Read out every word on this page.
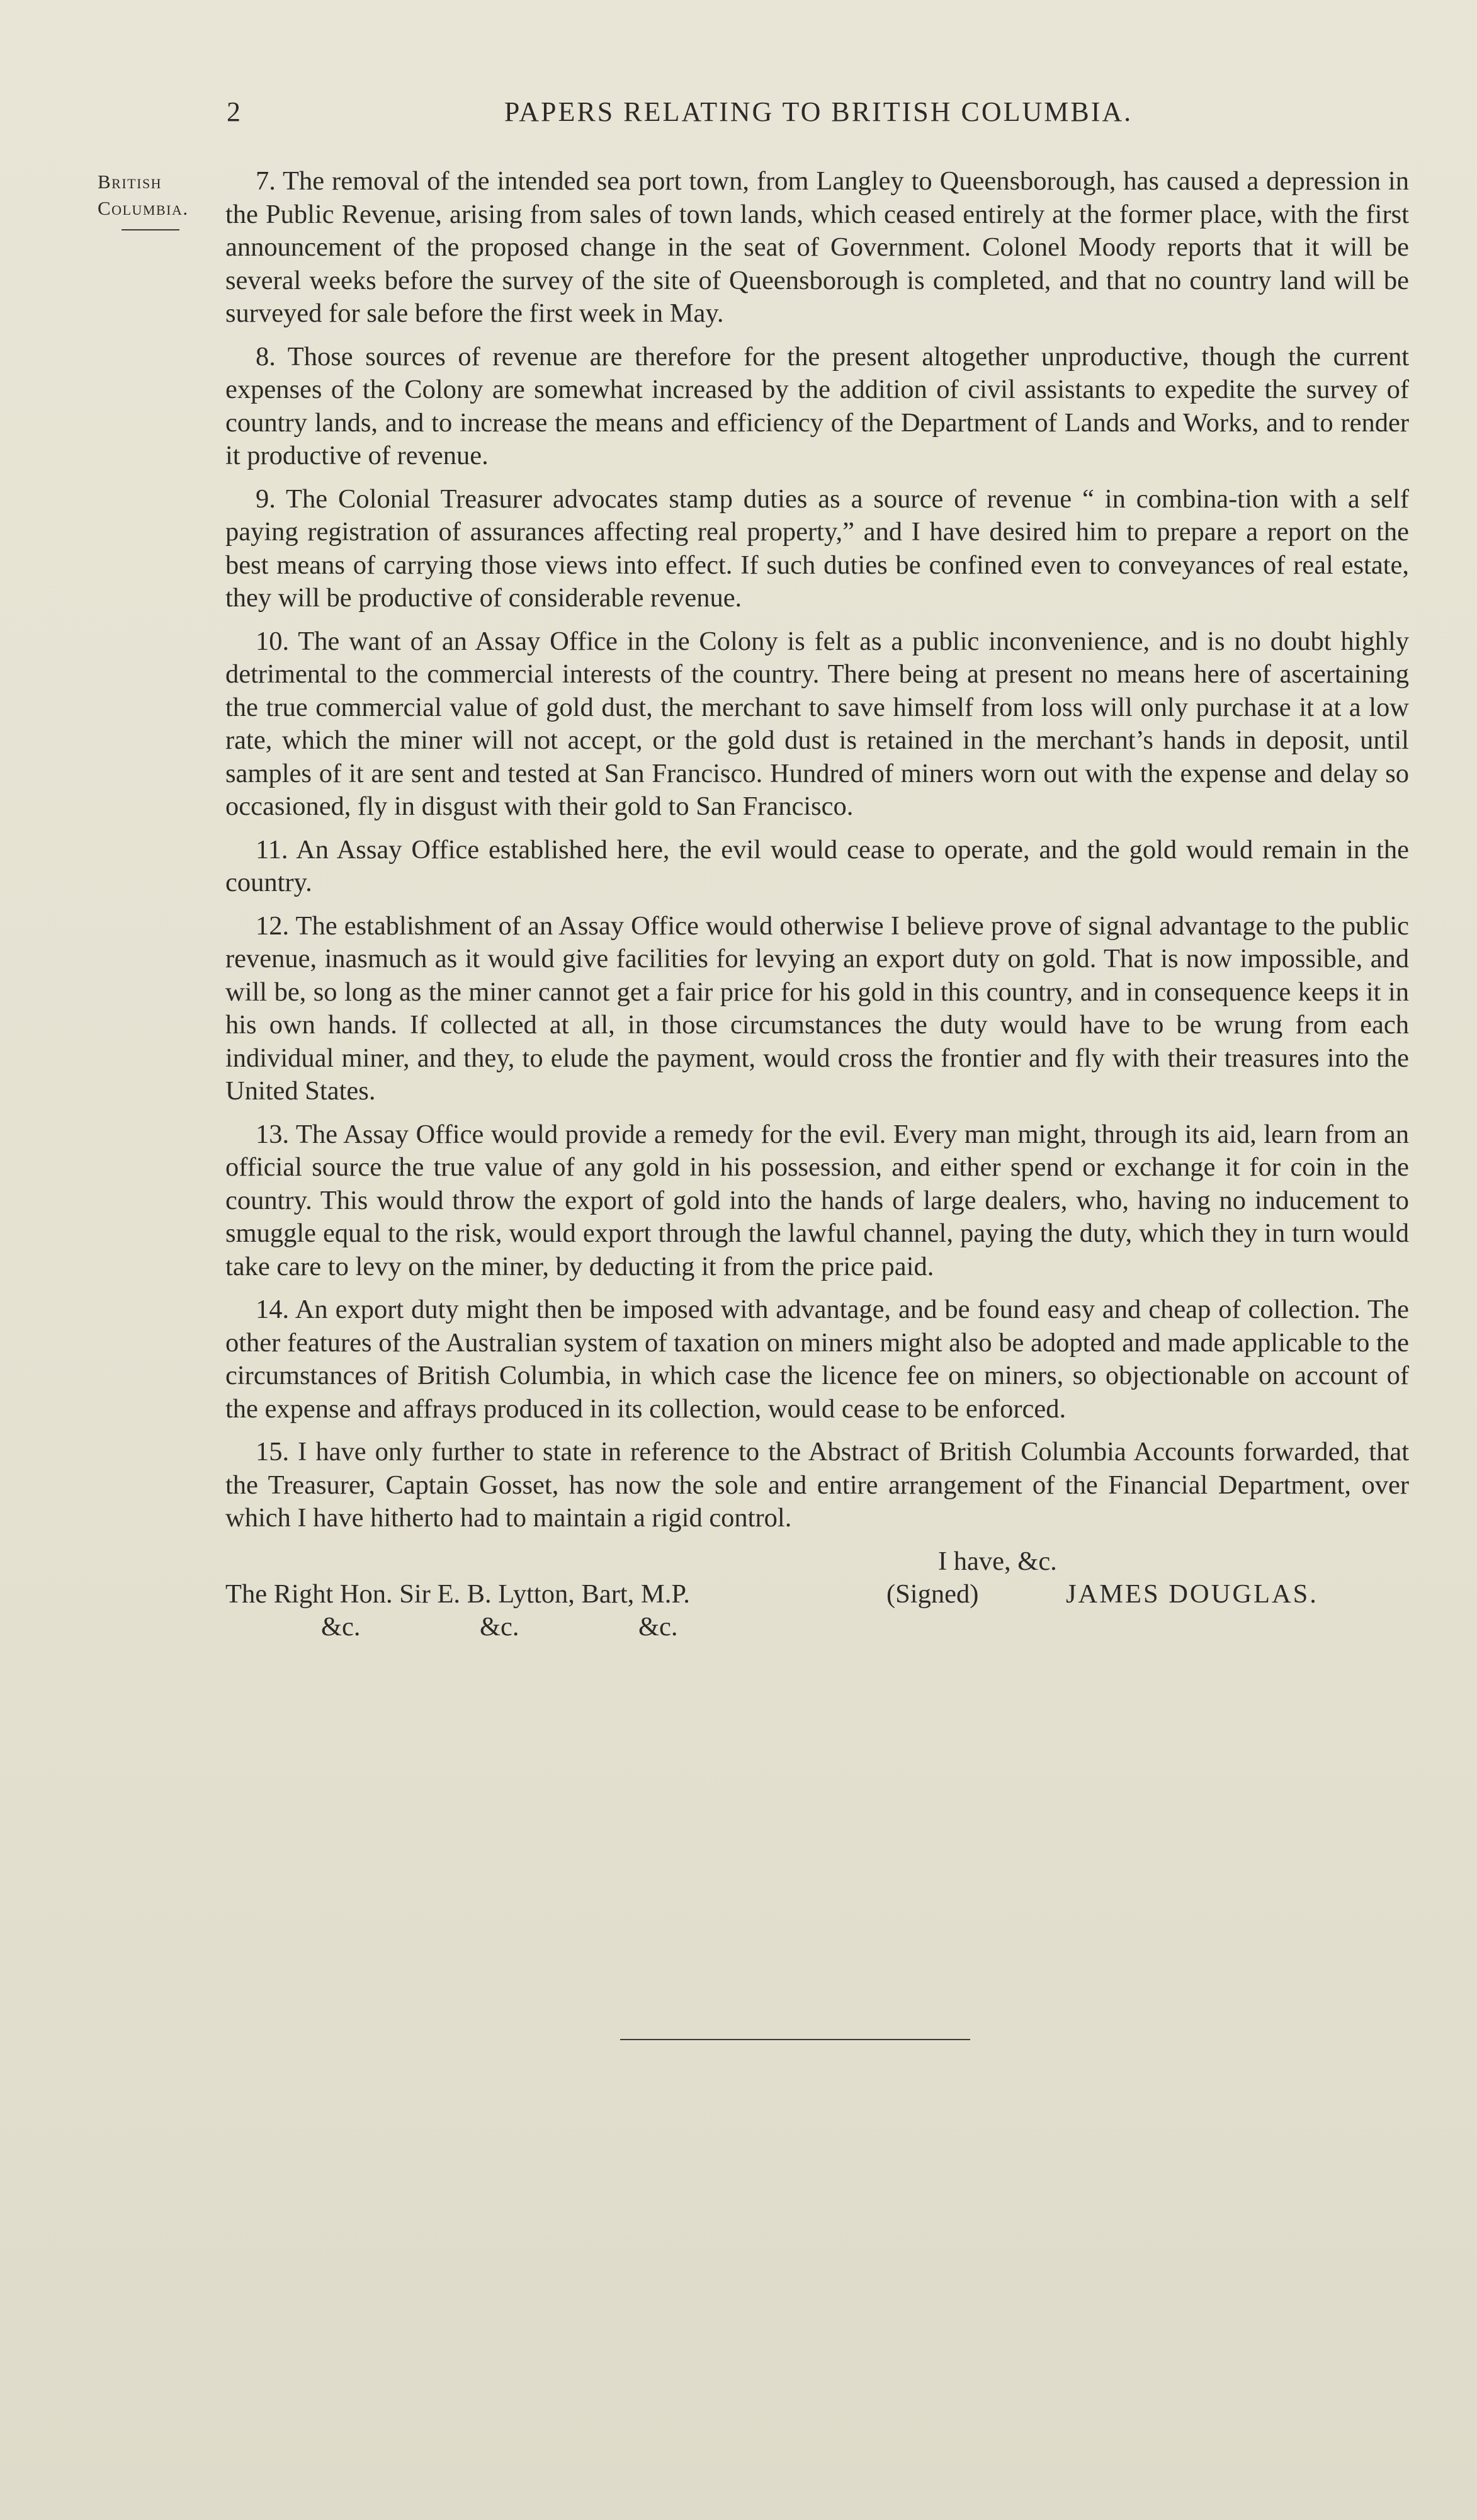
2	PAPERS RELATING TO BRITISH COLUMBIA.
British
Columbia.

7. The removal of the intended sea port town, from Langley to Queensborough, has caused a depression in the Public Revenue, arising from sales of town lands, which ceased entirely at the former place, with the first announcement of the proposed change in the seat of Government. Colonel Moody reports that it will be several weeks before the survey of the site of Queensborough is completed, and that no country land will be surveyed for sale before the first week in May.

8. Those sources of revenue are therefore for the present altogether unproductive, though the current expenses of the Colony are somewhat increased by the addition of civil assistants to expedite the survey of country lands, and to increase the means and efficiency of the Department of Lands and Works, and to render it productive of revenue.

9. The Colonial Treasurer advocates stamp duties as a source of revenue “ in combina-tion with a self paying registration of assurances affecting real property,” and I have desired him to prepare a report on the best means of carrying those views into effect. If such duties be confined even to conveyances of real estate, they will be productive of considerable revenue.

10. The want of an Assay Office in the Colony is felt as a public inconvenience, and is no doubt highly detrimental to the commercial interests of the country. There being at present no means here of ascertaining the true commercial value of gold dust, the merchant to save himself from loss will only purchase it at a low rate, which the miner will not accept, or the gold dust is retained in the merchant’s hands in deposit, until samples of it are sent and tested at San Francisco. Hundred of miners worn out with the expense and delay so occasioned, fly in disgust with their gold to San Francisco.

11. An Assay Office established here, the evil would cease to operate, and the gold would remain in the country.

12. The establishment of an Assay Office would otherwise I believe prove of signal advantage to the public revenue, inasmuch as it would give facilities for levying an export duty on gold. That is now impossible, and will be, so long as the miner cannot get a fair price for his gold in this country, and in consequence keeps it in his own hands. If collected at all, in those circumstances the duty would have to be wrung from each individual miner, and they, to elude the payment, would cross the frontier and fly with their treasures into the United States.

13. The Assay Office would provide a remedy for the evil. Every man might, through its aid, learn from an official source the true value of any gold in his possession, and either spend or exchange it for coin in the country. This would throw the export of gold into the hands of large dealers, who, having no inducement to smuggle equal to the risk, would export through the lawful channel, paying the duty, which they in turn would take care to levy on the miner, by deducting it from the price paid.

14. An export duty might then be imposed with advantage, and be found easy and cheap of collection. The other features of the Australian system of taxation on miners might also be adopted and made applicable to the circumstances of British Columbia, in which case the licence fee on miners, so objectionable on account of the expense and affrays produced in its collection, would cease to be enforced.

15. I have only further to state in reference to the Abstract of British Columbia Accounts forwarded, that the Treasurer, Captain Gosset, has now the sole and entire arrangement of the Financial Department, over which I have hitherto had to maintain a rigid control.

I have, &c.
The Right Hon. Sir E. B. Lytton, Bart, M.P.	(Signed)	JAMES DOUGLAS.
&c.	&c.	&c.
